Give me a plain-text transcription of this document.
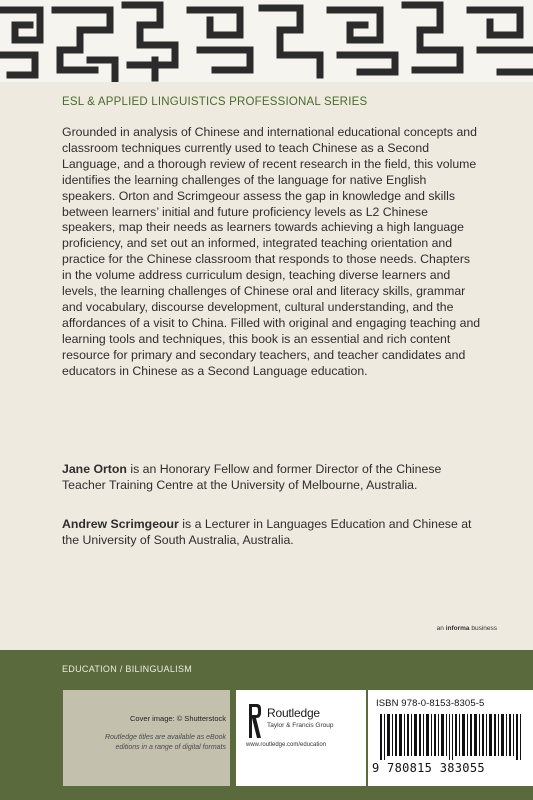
ESL & APPLIED LINGUISTICS PROFESSIONAL SERIES

Grounded in analysis of Chinese and international educational concepts and classroom techniques currently used to teach Chinese as a Second Language, and a thorough review of recent research in the field, this volume identifies the learning challenges of the language for native English speakers. Orton and Scrimgeour assess the gap in knowledge and skills between learners’ initial and future proficiency levels as L2 Chinese speakers, map their needs as learners towards achieving a high language proficiency, and set out an informed, integrated teaching orientation and practice for the Chinese classroom that responds to those needs. Chapters in the volume address curriculum design, teaching diverse learners and levels, the learning challenges of Chinese oral and literacy skills, grammar and vocabulary, discourse development, cultural understanding, and the affordances of a visit to China. Filled with original and engaging teaching and learning tools and techniques, this book is an essential and rich content resource for primary and secondary teachers, and teacher candidates and educators in Chinese as a Second Language education.

Jane Orton is an Honorary Fellow and former Director of the Chinese Teacher Training Centre at the University of Melbourne, Australia.

Andrew Scrimgeour is a Lecturer in Languages Education and Chinese at the University of South Australia, Australia.

an informa business
EDUCATION / BILINGUALISM
Cover image: © Shutterstock
Routledge titles are available as eBook editions in a range of digital formats
Routledge
Taylor & Francis Group
www.routledge.com/education
ISBN 978-0-8153-8305-5
9 780815 383055
